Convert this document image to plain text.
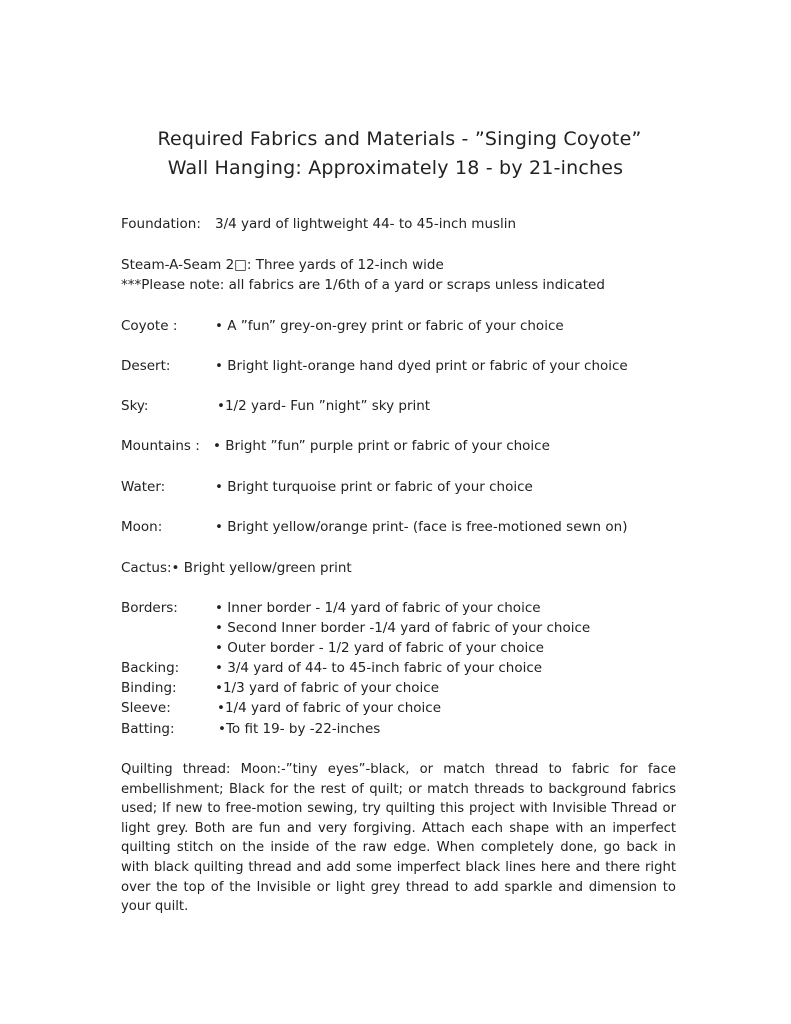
Required Fabrics and Materials - ”Singing Coyote”
Wall Hanging: Approximately 18 - by 21-inches
Foundation: 3/4 yard of lightweight 44- to 45-inch muslin
Steam-A-Seam 2□: Three yards of 12-inch wide
***Please note: all fabrics are 1/6th of a yard or scraps unless indicated
Coyote :	• A ”fun” grey-on-grey print or fabric of your choice
Desert:	• Bright light-orange hand dyed print or fabric of your choice
Sky:	•1/2 yard- Fun ”night” sky print
Mountains : • Bright ”fun” purple print or fabric of your choice
Water:	• Bright turquoise print or fabric of your choice
Moon:	• Bright yellow/orange print- (face is free-motioned sewn on)
Cactus:• Bright yellow/green print
Borders:	• Inner border - 1/4 yard of fabric of your choice
• Second Inner border -1/4 yard of fabric of your choice
• Outer border - 1/2 yard of fabric of your choice
Backing:	• 3/4 yard of 44- to 45-inch fabric of your choice
Binding:	•1/3 yard of fabric of your choice
Sleeve:	•1/4 yard of fabric of your choice
Batting:	•To fit 19- by -22-inches
Quilting thread: Moon:-”tiny eyes”-black, or match thread to fabric for face embellishment; Black for the rest of quilt; or match threads to background fabrics used; If new to free-motion sewing, try quilting this project with Invisible Thread or light grey. Both are fun and very forgiving. Attach each shape with an imperfect quilting stitch on the inside of the raw edge. When completely done, go back in with black quilting thread and add some imperfect black lines here and there right over the top of the Invisible or light grey thread to add sparkle and dimension to your quilt.
